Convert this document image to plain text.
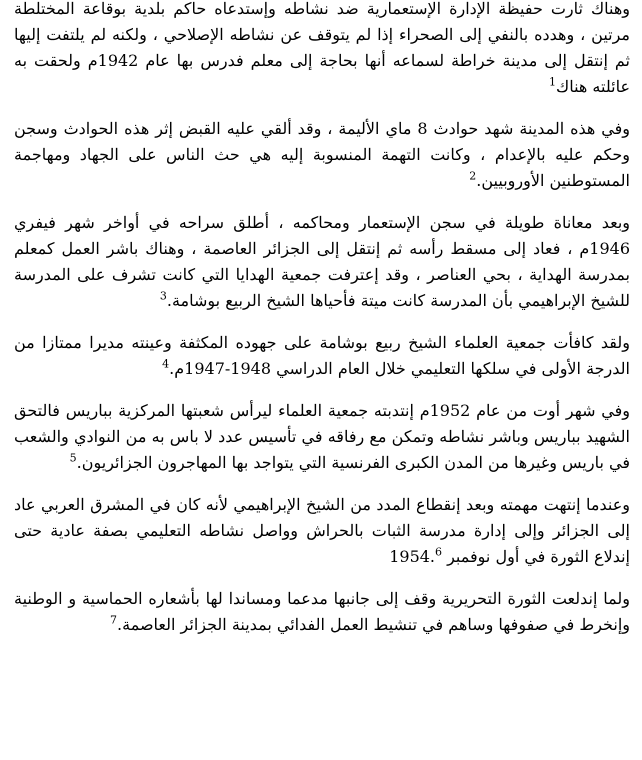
وهناك ثارت حفيظة الإدارة الإستعمارية ضد نشاطه وإستدعاه حاكم بلدية بوقاعة المختلطة مرتين ، وهدده بالنفي إلى الصحراء إذا لم يتوقف عن نشاطه الإصلاحي ، ولكنه لم يلتفت إليها ثم إنتقل إلى مدينة خراطة لسماعه أنها بحاجة إلى معلم فدرس بها عام 1942م ولحقت به عائلته هناك$^1$

وفي هذه المدينة شهد حوادث 8 ماي الأليمة ، وقد ألقي عليه القبض إثر هذه الحوادث وسجن وحكم عليه بالإعدام ، وكانت التهمة المنسوبة إليه هي حث الناس على الجهاد ومهاجمة المستوطنين الأوروبيين.$^2$

وبعد معاناة طويلة في سجن الإستعمار ومحاكمه ، أطلق سراحه في أواخر شهر فيفري 1946م ، فعاد إلى مسقط رأسه ثم إنتقل إلى الجزائر العاصمة ، وهناك باشر العمل كمعلم بمدرسة الهداية ، بحي العناصر ، وقد إعترفت جمعية الهدايا التي كانت تشرف على المدرسة للشيخ الإبراهيمي بأن المدرسة كانت ميتة فأحياها الشيخ الربيع بوشامة.$^3$

ولقد كافأت جمعية العلماء الشيخ ربيع بوشامة على جهوده المكثفة وعينته مديرا ممتازا من الدرجة الأولى في سلكها التعليمي خلال العام الدراسي 1948-1947م.$^4$

وفي شهر أوت من عام 1952م إنتدبته جمعية العلماء ليرأس شعبتها المركزية بباريس فالتحق الشهيد بباريس وباشر نشاطه وتمكن مع رفاقه في تأسيس عدد لا باس به من النوادي والشعب في باريس وغيرها من المدن الكبرى الفرنسية التي يتواجد بها المهاجرون الجزائريون.$^5$

وعندما إنتهت مهمته وبعد إنقطاع المدد من الشيخ الإبراهيمي لأنه كان في المشرق العربي عاد إلى الجزائر وإلى إدارة مدرسة الثبات بالحراش وواصل نشاطه التعليمي بصفة عادية حتى إندلاع الثورة في أول نوفمبر 1954.$^6$

ولما إندلعت الثورة التحريرية وقف إلى جانبها مدعما ومساندا لها بأشعاره الحماسية و الوطنية وإنخرط في صفوفها وساهم في تنشيط العمل الفدائي بمدينة الجزائر العاصمة.$^7$
